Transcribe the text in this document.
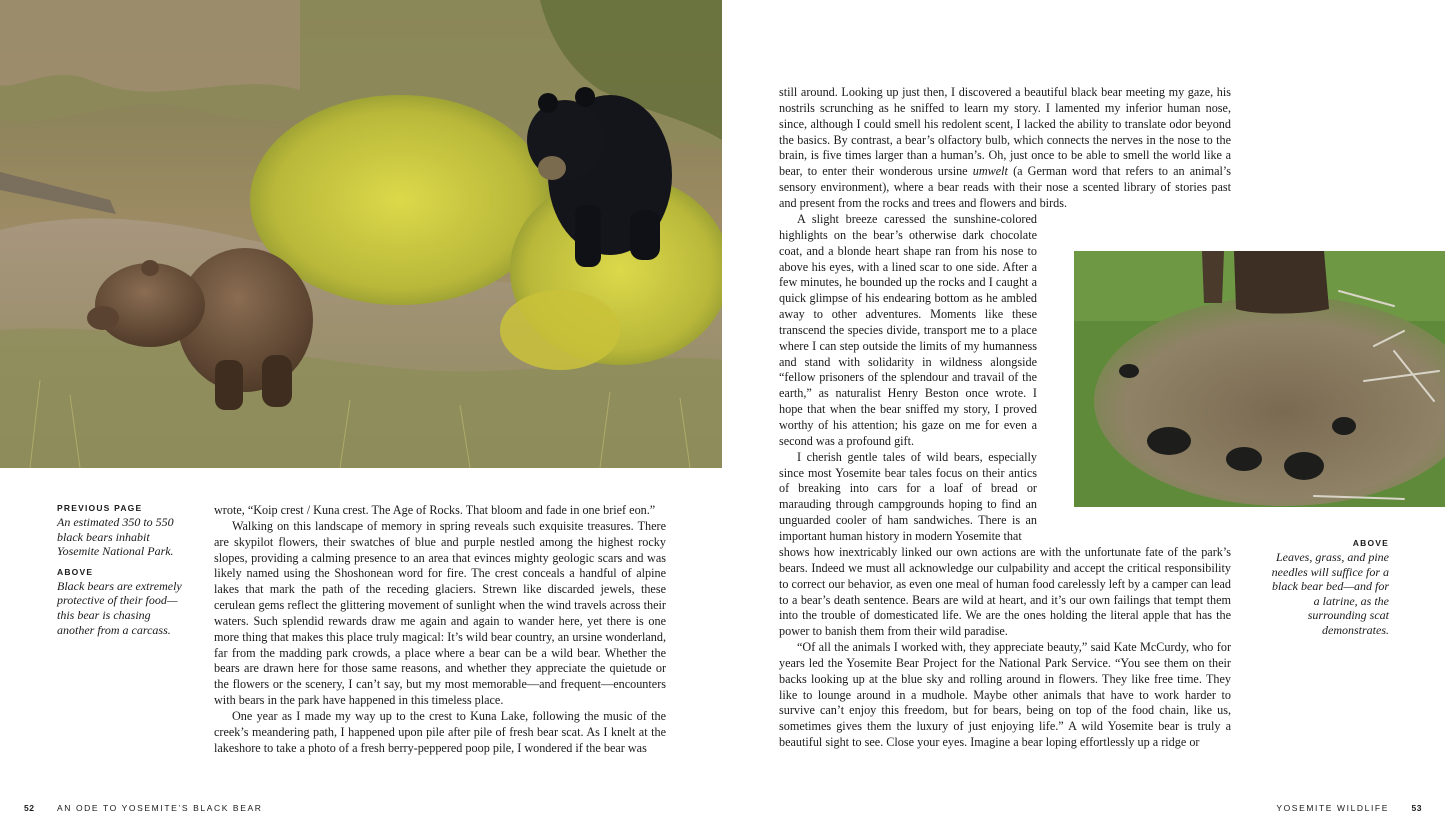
PREVIOUS PAGE
An estimated 350 to 550 black bears inhabit Yosemite National Park.
ABOVE
Black bears are extremely protective of their food—this bear is chasing another from a carcass.
ABOVE
Leaves, grass, and pine needles will suffice for a black bear bed—and for a latrine, as the surrounding scat demonstrates.

wrote, “Koip crest / Kuna crest. The Age of Rocks. That bloom and fade in one brief eon.”

Walking on this landscape of memory in spring reveals such exquisite treasures. There are skypilot flowers, their swatches of blue and purple nestled among the highest rocky slopes, providing a calming presence to an area that evinces mighty geologic scars and was likely named using the Shoshonean word for fire. The crest conceals a handful of alpine lakes that mark the path of the receding glaciers. Strewn like discarded jewels, these cerulean gems reflect the glittering movement of sunlight when the wind travels across their waters. Such splendid rewards draw me again and again to wander here, yet there is one more thing that makes this place truly magical: It’s wild bear country, an ursine wonderland, far from the madding park crowds, a place where a bear can be a wild bear. Whether the bears are drawn here for those same reasons, and whether they appreciate the quietude or the flowers or the scenery, I can’t say, but my most memorable—and frequent—encounters with bears in the park have happened in this timeless place.

One year as I made my way up to the crest to Kuna Lake, following the music of the creek’s meandering path, I happened upon pile after pile of fresh bear scat. As I knelt at the lakeshore to take a photo of a fresh berry-peppered poop pile, I wondered if the bear was

still around. Looking up just then, I discovered a beautiful black bear meeting my gaze, his nostrils scrunching as he sniffed to learn my story. I lamented my inferior human nose, since, although I could smell his redolent scent, I lacked the ability to translate odor beyond the basics. By contrast, a bear’s olfactory bulb, which connects the nerves in the nose to the brain, is five times larger than a human’s. Oh, just once to be able to smell the world like a bear, to enter their wonderous ursine umwelt (a German word that refers to an animal’s sensory environment), where a bear reads with their nose a scented library of stories past and present from the rocks and trees and flowers and birds.

A slight breeze caressed the sunshine-colored highlights on the bear’s otherwise dark chocolate coat, and a blonde heart shape ran from his nose to above his eyes, with a lined scar to one side. After a few minutes, he bounded up the rocks and I caught a quick glimpse of his endearing bottom as he ambled away to other adventures. Moments like these transcend the species divide, transport me to a place where I can step outside the limits of my humanness and stand with solidarity in wildness alongside “fellow prisoners of the splendour and travail of the earth,” as naturalist Henry Beston once wrote. I hope that when the bear sniffed my story, I proved worthy of his attention; his gaze on me for even a second was a profound gift.

I cherish gentle tales of wild bears, especially since most Yosemite bear tales focus on their antics of breaking into cars for a loaf of bread or marauding through campgrounds hoping to find an unguarded cooler of ham sandwiches. There is an important human history in modern Yosemite that

shows how inextricably linked our own actions are with the unfortunate fate of the park’s bears. Indeed we must all acknowledge our culpability and accept the critical responsibility to correct our behavior, as even one meal of human food carelessly left by a camper can lead to a bear’s death sentence. Bears are wild at heart, and it’s our own failings that tempt them into the trouble of domesticated life. We are the ones holding the literal apple that has the power to banish them from their wild paradise.

“Of all the animals I worked with, they appreciate beauty,” said Kate McCurdy, who for years led the Yosemite Bear Project for the National Park Service. “You see them on their backs looking up at the blue sky and rolling around in flowers. They like free time. They like to lounge around in a mudhole. Maybe other animals that have to work harder to survive can’t enjoy this freedom, but for bears, being on top of the food chain, like us, sometimes gives them the luxury of just enjoying life.” A wild Yosemite bear is truly a beautiful sight to see. Close your eyes. Imagine a bear loping effortlessly up a ridge or

52	AN ODE TO YOSEMITE’S BLACK BEAR	YOSEMITE WILDLIFE	53
